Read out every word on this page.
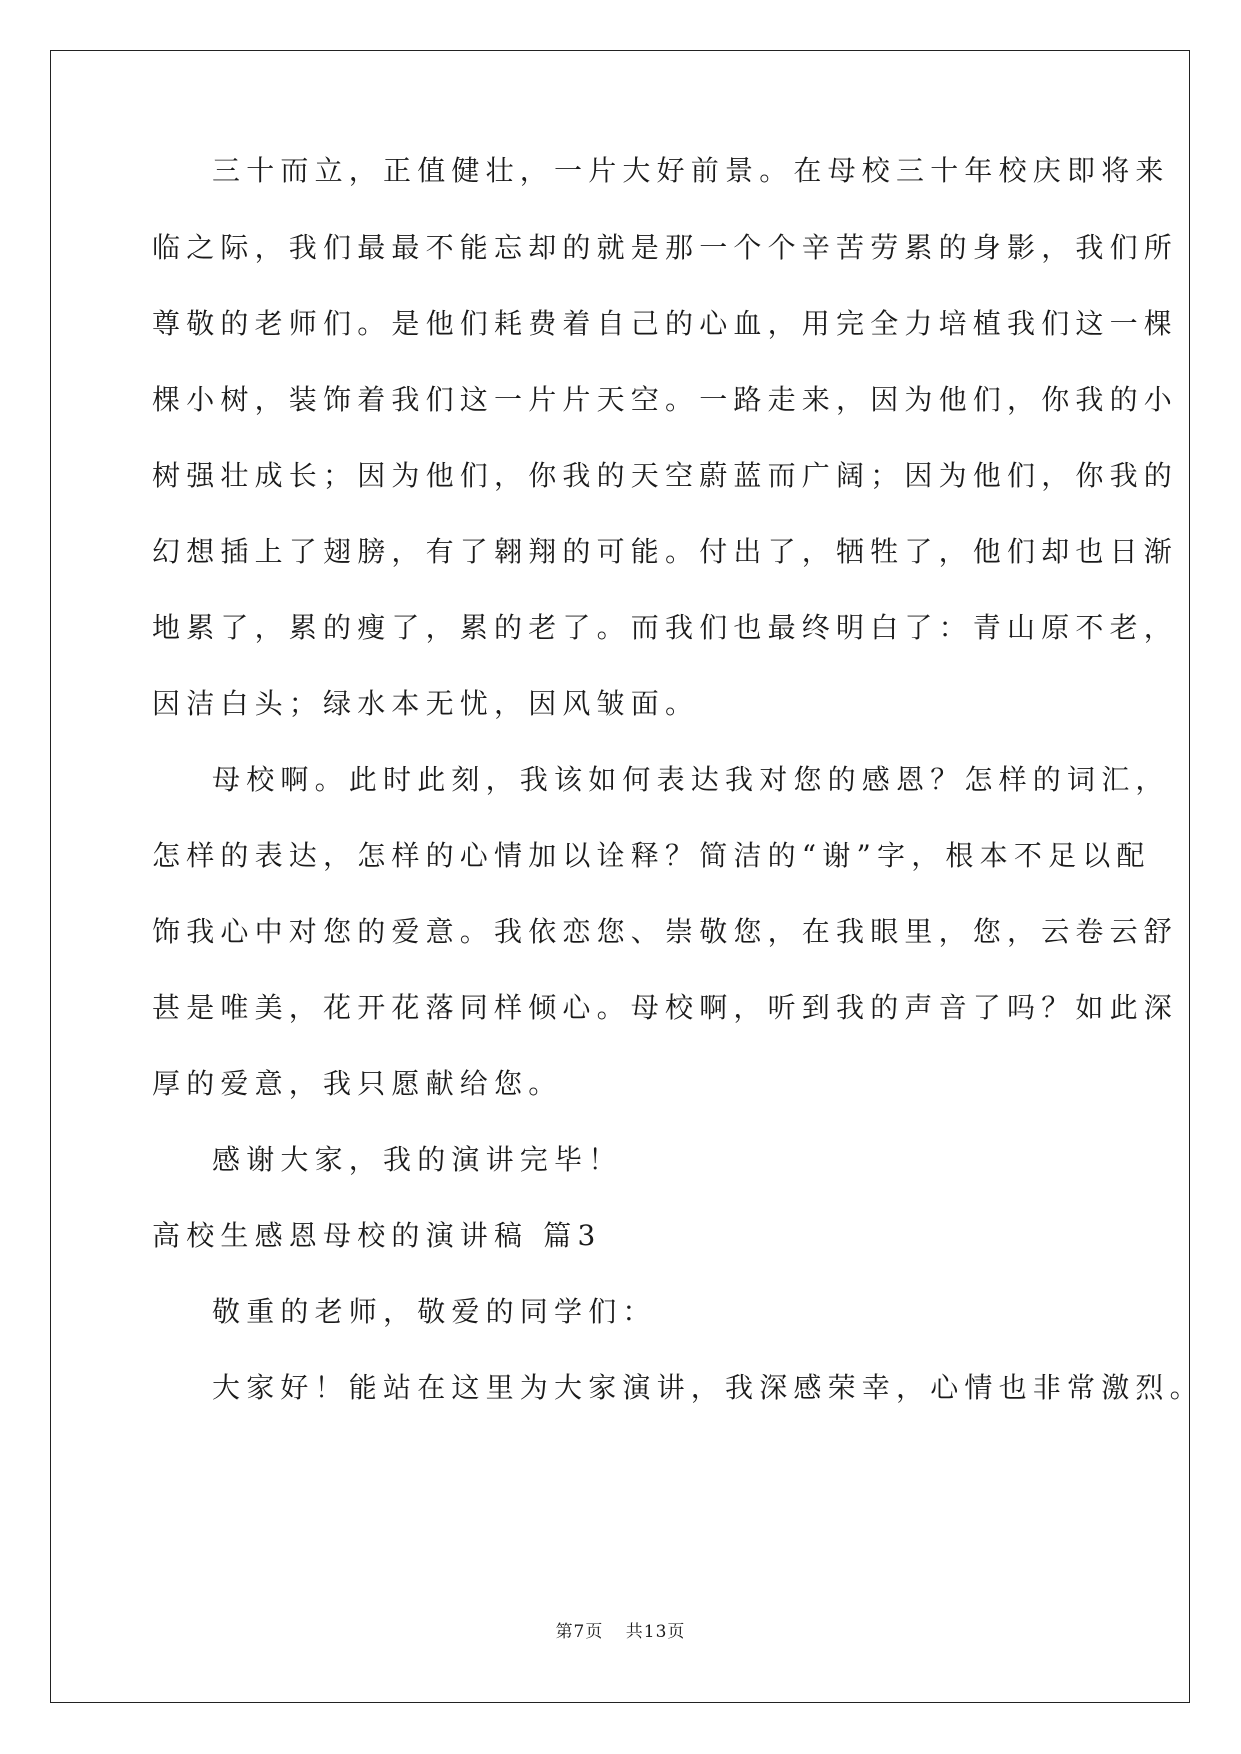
三十而立，正值健壮，一片大好前景。在母校三十年校庆即将来

临之际，我们最最不能忘却的就是那一个个辛苦劳累的身影，我们所

尊敬的老师们。是他们耗费着自己的心血，用完全力培植我们这一棵

棵小树，装饰着我们这一片片天空。一路走来，因为他们，你我的小

树强壮成长；因为他们，你我的天空蔚蓝而广阔；因为他们，你我的

幻想插上了翅膀，有了翱翔的可能。付出了，牺牲了，他们却也日渐

地累了，累的瘦了，累的老了。而我们也最终明白了：青山原不老，

因洁白头；绿水本无忧，因风皱面。

母校啊。此时此刻，我该如何表达我对您的感恩？怎样的词汇，

怎样的表达，怎样的心情加以诠释？简洁的“谢”字，根本不足以配

饰我心中对您的爱意。我依恋您、崇敬您，在我眼里，您，云卷云舒

甚是唯美，花开花落同样倾心。母校啊，听到我的声音了吗？如此深

厚的爱意，我只愿献给您。

感谢大家，我的演讲完毕！

高校生感恩母校的演讲稿 篇3

敬重的老师，敬爱的同学们：

大家好！能站在这里为大家演讲，我深感荣幸，心情也非常激烈。

第7页 共13页
